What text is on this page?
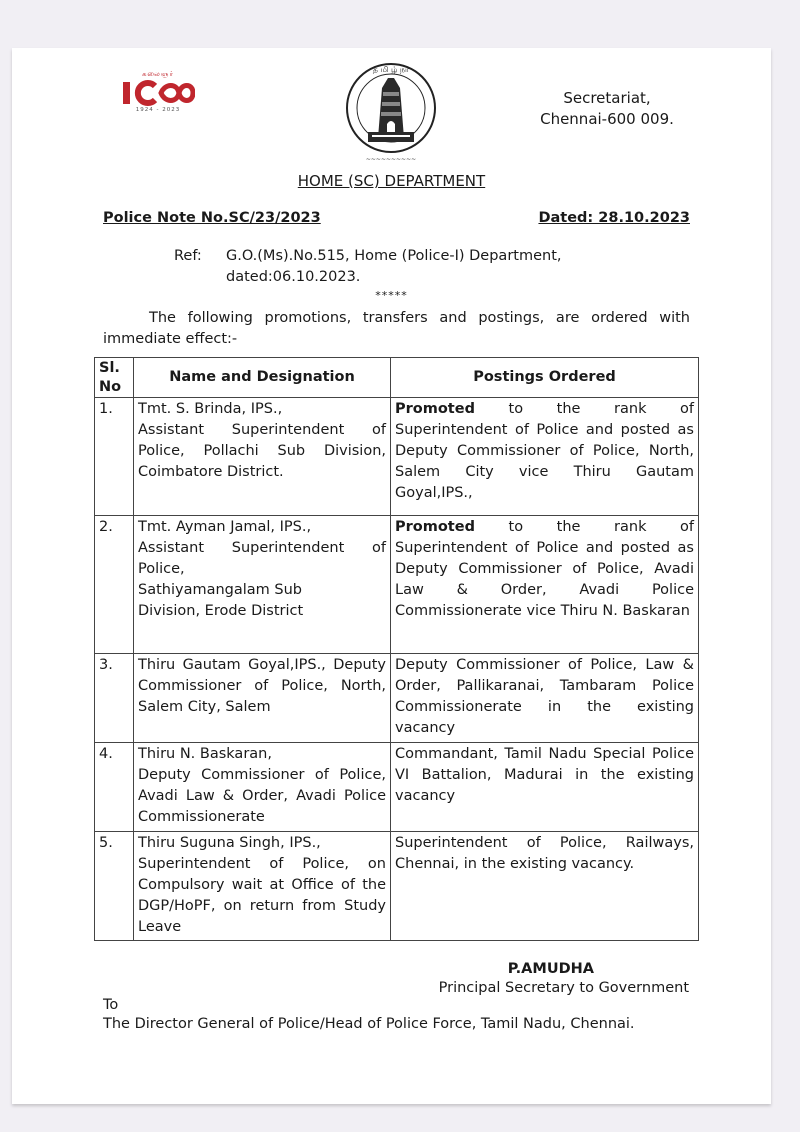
கலைஞர்
1924 - 2023
~~~~~~~~~~
த மி ழ் நா
Secretariat,
Chennai-600 009.
HOME (SC) DEPARTMENT
Police Note No.SC/23/2023	Dated: 28.10.2023
Ref: G.O.(Ms).No.515, Home (Police-I) Department,
dated:06.10.2023.
*****
The following promotions, transfers and postings, are ordered with immediate effect:-
Sl.
No	Name and Designation	Postings Ordered
1.	Tmt. S. Brinda, IPS.,
Assistant Superintendent of Police, Pollachi Sub Division, Coimbatore District.	Promoted to the rank of Superintendent of Police and posted as Deputy Commissioner of Police, North, Salem City vice Thiru Gautam Goyal,IPS.,
2.	Tmt. Ayman Jamal, IPS.,
Assistant Superintendent of Police,
Sathiyamangalam Sub
Division, Erode District	Promoted to the rank of Superintendent of Police and posted as Deputy Commissioner of Police, Avadi Law & Order, Avadi Police Commissionerate vice Thiru N. Baskaran
3.	Thiru Gautam Goyal,IPS., Deputy Commissioner of Police, North, Salem City, Salem	Deputy Commissioner of Police, Law & Order, Pallikaranai, Tambaram Police Commissionerate in the existing vacancy
4.	Thiru N. Baskaran,
Deputy Commissioner of Police, Avadi Law & Order, Avadi Police Commissionerate	Commandant, Tamil Nadu Special Police VI Battalion, Madurai in the existing vacancy
5.	Thiru Suguna Singh, IPS.,
Superintendent of Police, on Compulsory wait at Office of the DGP/HoPF, on return from Study Leave	Superintendent of Police, Railways, Chennai, in the existing vacancy.
P.AMUDHA
Principal Secretary to Government
To
The Director General of Police/Head of Police Force, Tamil Nadu, Chennai.
